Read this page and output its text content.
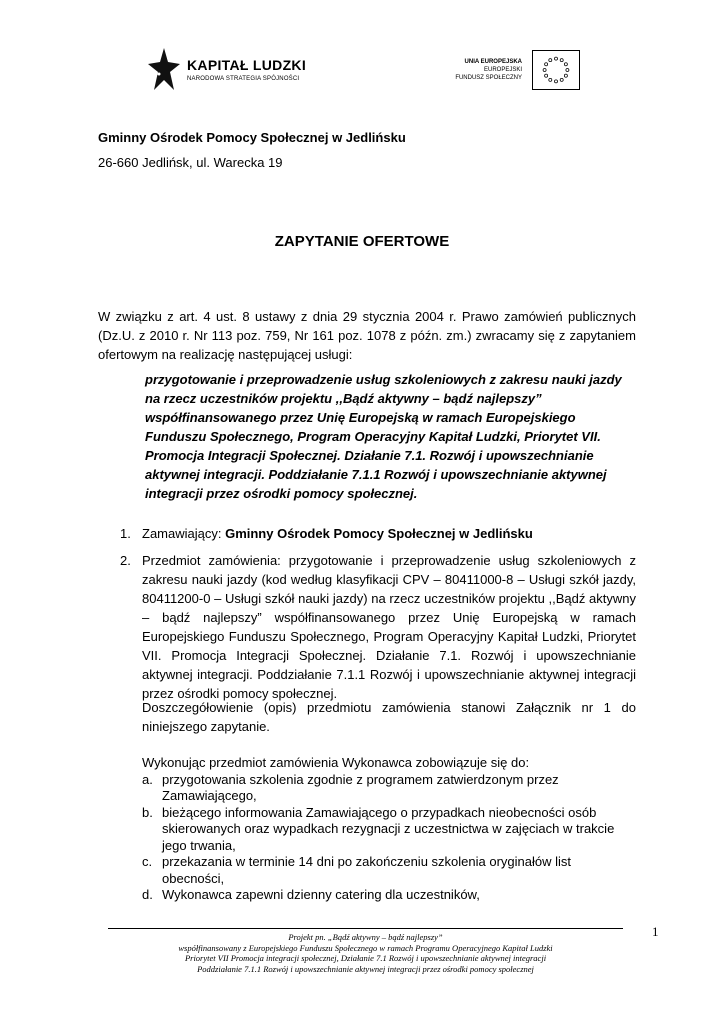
KAPITAŁ LUDZKI
NARODOWA STRATEGIA SPÓJNOŚCI
UNIA EUROPEJSKA
EUROPEJSKI
FUNDUSZ SPOŁECZNY
Gminny Ośrodek Pomocy Społecznej w Jedlińsku
26-660 Jedlińsk, ul. Warecka 19
ZAPYTANIE OFERTOWE
W związku z art. 4 ust. 8 ustawy z dnia 29 stycznia 2004 r. Prawo zamówień publicznych (Dz.U. z 2010 r. Nr 113 poz. 759, Nr 161 poz. 1078 z późn. zm.) zwracamy się z zapytaniem ofertowym na realizację następującej usługi:
przygotowanie i przeprowadzenie usług szkoleniowych z zakresu nauki jazdy na rzecz uczestników projektu ,,Bądź aktywny – bądź najlepszy” współfinansowanego przez Unię Europejską w ramach Europejskiego Funduszu Społecznego, Program Operacyjny Kapitał Ludzki, Priorytet VII. Promocja Integracji Społecznej. Działanie 7.1. Rozwój i upowszechnianie aktywnej integracji. Poddziałanie 7.1.1 Rozwój i upowszechnianie aktywnej integracji przez ośrodki pomocy społecznej.
1. Zamawiający: Gminny Ośrodek Pomocy Społecznej w Jedlińsku
2. Przedmiot zamówienia: przygotowanie i przeprowadzenie usług szkoleniowych z zakresu nauki jazdy (kod według klasyfikacji CPV – 80411000-8 – Usługi szkół jazdy, 80411200-0 – Usługi szkół nauki jazdy) na rzecz uczestników projektu ,,Bądź aktywny – bądź najlepszy” współfinansowanego przez Unię Europejską w ramach Europejskiego Funduszu Społecznego, Program Operacyjny Kapitał Ludzki, Priorytet VII. Promocja Integracji Społecznej. Działanie 7.1. Rozwój i upowszechnianie aktywnej integracji. Poddziałanie 7.1.1 Rozwój i upowszechnianie aktywnej integracji przez ośrodki pomocy społecznej.
Doszczegółowienie (opis) przedmiotu zamówienia stanowi Załącznik nr 1 do niniejszego zapytanie.
Wykonując przedmiot zamówienia Wykonawca zobowiązuje się do:
a. przygotowania szkolenia zgodnie z programem zatwierdzonym przez Zamawiającego,
b. bieżącego informowania Zamawiającego o przypadkach nieobecności osób skierowanych oraz wypadkach rezygnacji z uczestnictwa w zajęciach w trakcie jego trwania,
c. przekazania w terminie 14 dni po zakończeniu szkolenia oryginałów list obecności,
d. Wykonawca zapewni dzienny catering dla uczestników,
Projekt pn. „Bądź aktywny – bądź najlepszy”
współfinansowany z Europejskiego Funduszu Społecznego w ramach Programu Operacyjnego Kapitał Ludzki
Priorytet VII Promocja integracji społecznej, Działanie 7.1 Rozwój i upowszechnianie aktywnej integracji
Poddziałanie 7.1.1 Rozwój i upowszechnianie aktywnej integracji przez ośrodki pomocy społecznej
1
